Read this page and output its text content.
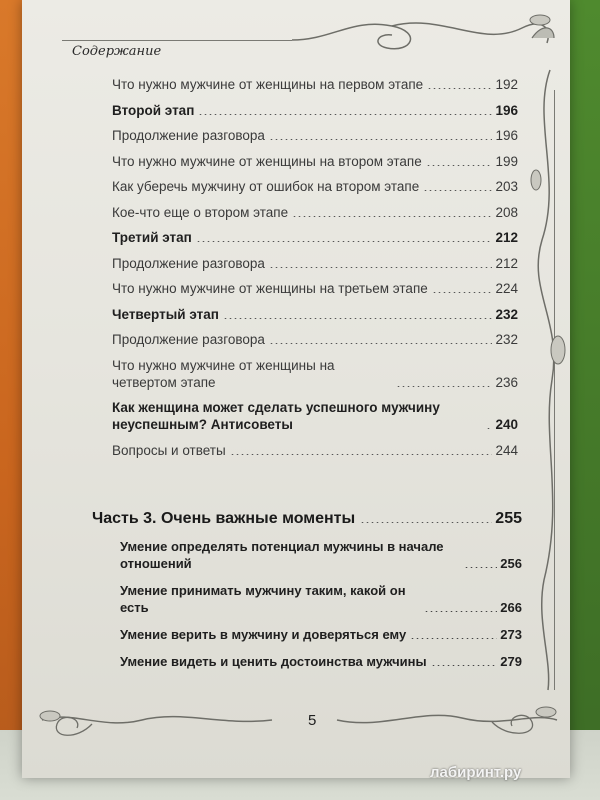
Содержание
Что нужно мужчине от женщины на первом этапе	192
Второй этап	196
Продолжение разговора	196
Что нужно мужчине от женщины на втором этапе	199
Как уберечь мужчину от ошибок на втором этапе	203
Кое-что еще о втором этапе	208
Третий этап	212
Продолжение разговора	212
Что нужно мужчине от женщины на третьем этапе	224
Четвертый этап	232
Продолжение разговора	232
Что нужно мужчине от женщины на четвертом этапе	236
Как женщина может сделать успешного мужчину неуспешным? Антисоветы	240
Вопросы и ответы	244
Часть 3. Очень важные моменты	255
Умение определять потенциал мужчины в начале отношений	256
Умение принимать мужчину таким, какой он есть	266
Умение верить в мужчину и доверяться ему	273
Умение видеть и ценить достоинства мужчины	279
5
лабиринт.ру
